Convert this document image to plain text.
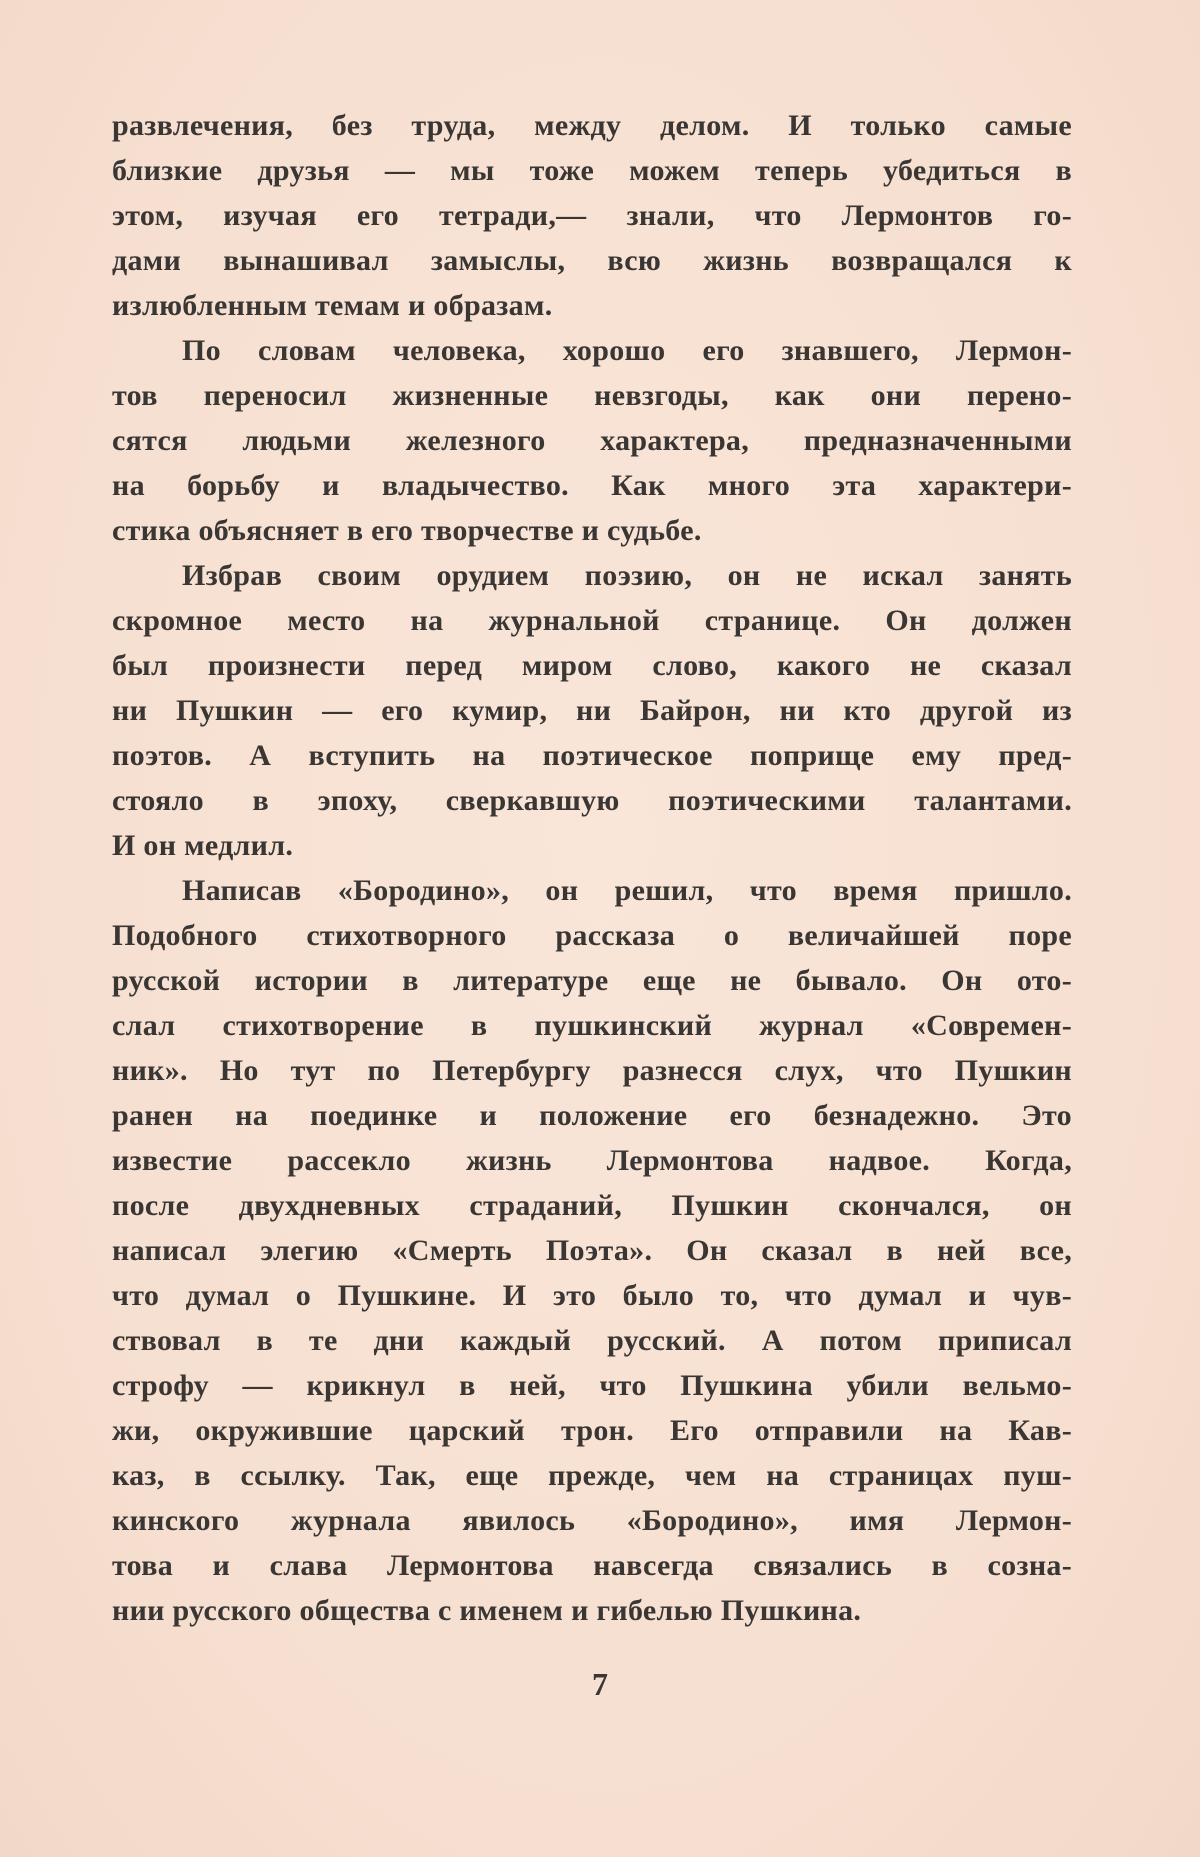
развлечения, без труда, между делом. И только самые
близкие друзья — мы тоже можем теперь убедиться в
этом, изучая его тетради,— знали, что Лермонтов го-
дами вынашивал замыслы, всю жизнь возвращался к
излюбленным темам и образам.
По словам человека, хорошо его знавшего, Лермон-
тов переносил жизненные невзгоды, как они перено-
сятся людьми железного характера, предназначенными
на борьбу и владычество. Как много эта характери-
стика объясняет в его творчестве и судьбе.
Избрав своим орудием поэзию, он не искал занять
скромное место на журнальной странице. Он должен
был произнести перед миром слово, какого не сказал
ни Пушкин — его кумир, ни Байрон, ни кто другой из
поэтов. А вступить на поэтическое поприще ему пред-
стояло в эпоху, сверкавшую поэтическими талантами.
И он медлил.
Написав «Бородино», он решил, что время пришло.
Подобного стихотворного рассказа о величайшей поре
русской истории в литературе еще не бывало. Он ото-
слал стихотворение в пушкинский журнал «Современ-
ник». Но тут по Петербургу разнесся слух, что Пушкин
ранен на поединке и положение его безнадежно. Это
известие рассекло жизнь Лермонтова надвое. Когда,
после двухдневных страданий, Пушкин скончался, он
написал элегию «Смерть Поэта». Он сказал в ней все,
что думал о Пушкине. И это было то, что думал и чув-
ствовал в те дни каждый русский. А потом приписал
строфу — крикнул в ней, что Пушкина убили вельмо-
жи, окружившие царский трон. Его отправили на Кав-
каз, в ссылку. Так, еще прежде, чем на страницах пуш-
кинского журнала явилось «Бородино», имя Лермон-
това и слава Лермонтова навсегда связались в сознa-
нии русского общества с именем и гибелью Пушкина.
7
